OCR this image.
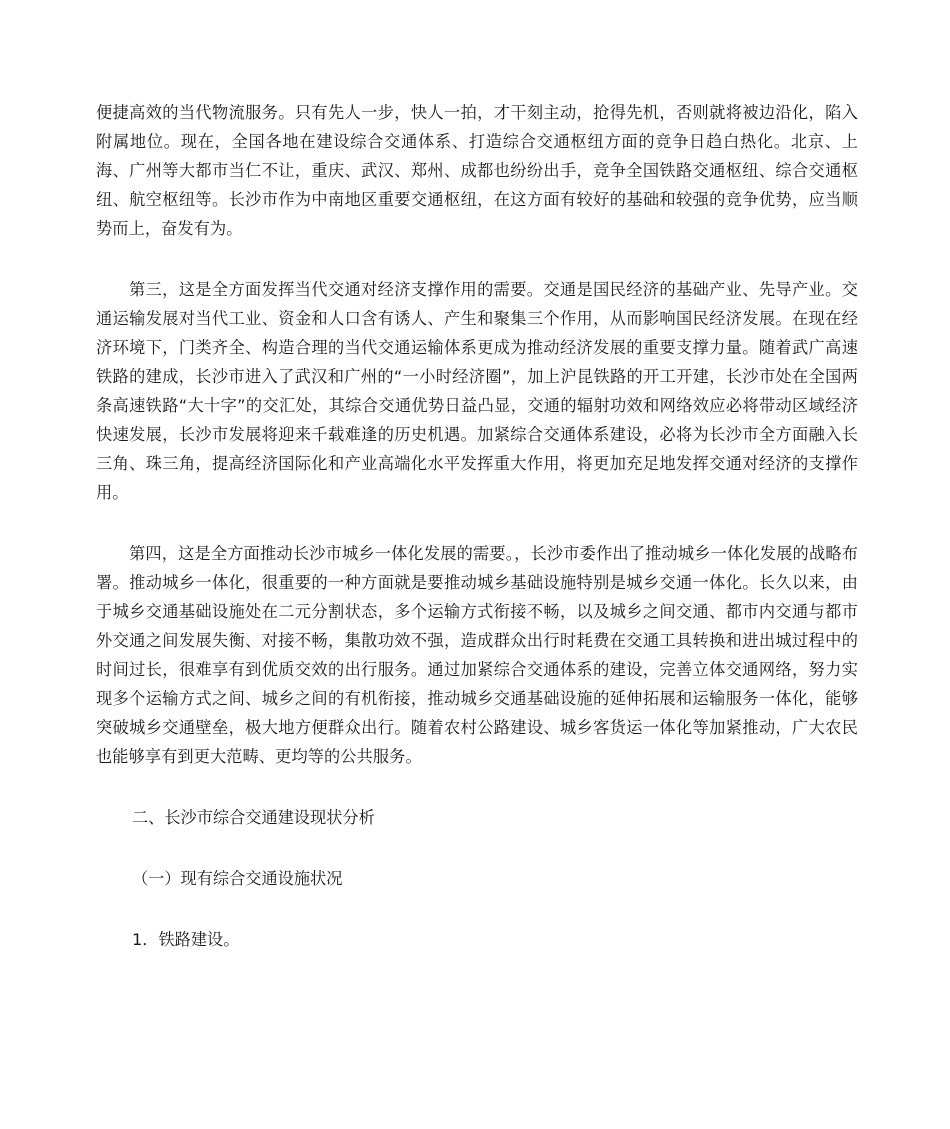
便捷高效的当代物流服务。只有先人一步，快人一拍，才干刻主动，抢得先机，否则就将被边沿化，陷入附属地位。现在，全国各地在建设综合交通体系、打造综合交通枢纽方面的竞争日趋白热化。北京、上海、广州等大都市当仁不让，重庆、武汉、郑州、成都也纷纷出手，竞争全国铁路交通枢纽、综合交通枢纽、航空枢纽等。长沙市作为中南地区重要交通枢纽，在这方面有较好的基础和较强的竞争优势，应当顺势而上，奋发有为。

第三，这是全方面发挥当代交通对经济支撑作用的需要。交通是国民经济的基础产业、先导产业。交通运输发展对当代工业、资金和人口含有诱人、产生和聚集三个作用，从而影响国民经济发展。在现在经济环境下，门类齐全、构造合理的当代交通运输体系更成为推动经济发展的重要支撑力量。随着武广高速铁路的建成，长沙市进入了武汉和广州的“一小时经济圈”，加上沪昆铁路的开工开建，长沙市处在全国两条高速铁路“大十字”的交汇处，其综合交通优势日益凸显，交通的辐射功效和网络效应必将带动区域经济快速发展，长沙市发展将迎来千载难逢的历史机遇。加紧综合交通体系建设，必将为长沙市全方面融入长三角、珠三角，提高经济国际化和产业高端化水平发挥重大作用，将更加充足地发挥交通对经济的支撑作用。

第四，这是全方面推动长沙市城乡一体化发展的需要。，长沙市委作出了推动城乡一体化发展的战略布署。推动城乡一体化，很重要的一种方面就是要推动城乡基础设施特别是城乡交通一体化。长久以来，由于城乡交通基础设施处在二元分割状态，多个运输方式衔接不畅，以及城乡之间交通、都市内交通与都市外交通之间发展失衡、对接不畅，集散功效不强，造成群众出行时耗费在交通工具转换和进出城过程中的时间过长，很难享有到优质交效的出行服务。通过加紧综合交通体系的建设，完善立体交通网络，努力实现多个运输方式之间、城乡之间的有机衔接，推动城乡交通基础设施的延伸拓展和运输服务一体化，能够突破城乡交通壁垒，极大地方便群众出行。随着农村公路建设、城乡客货运一体化等加紧推动，广大农民也能够享有到更大范畴、更均等的公共服务。

二、长沙市综合交通建设现状分析

（一）现有综合交通设施状况

1．铁路建设。
